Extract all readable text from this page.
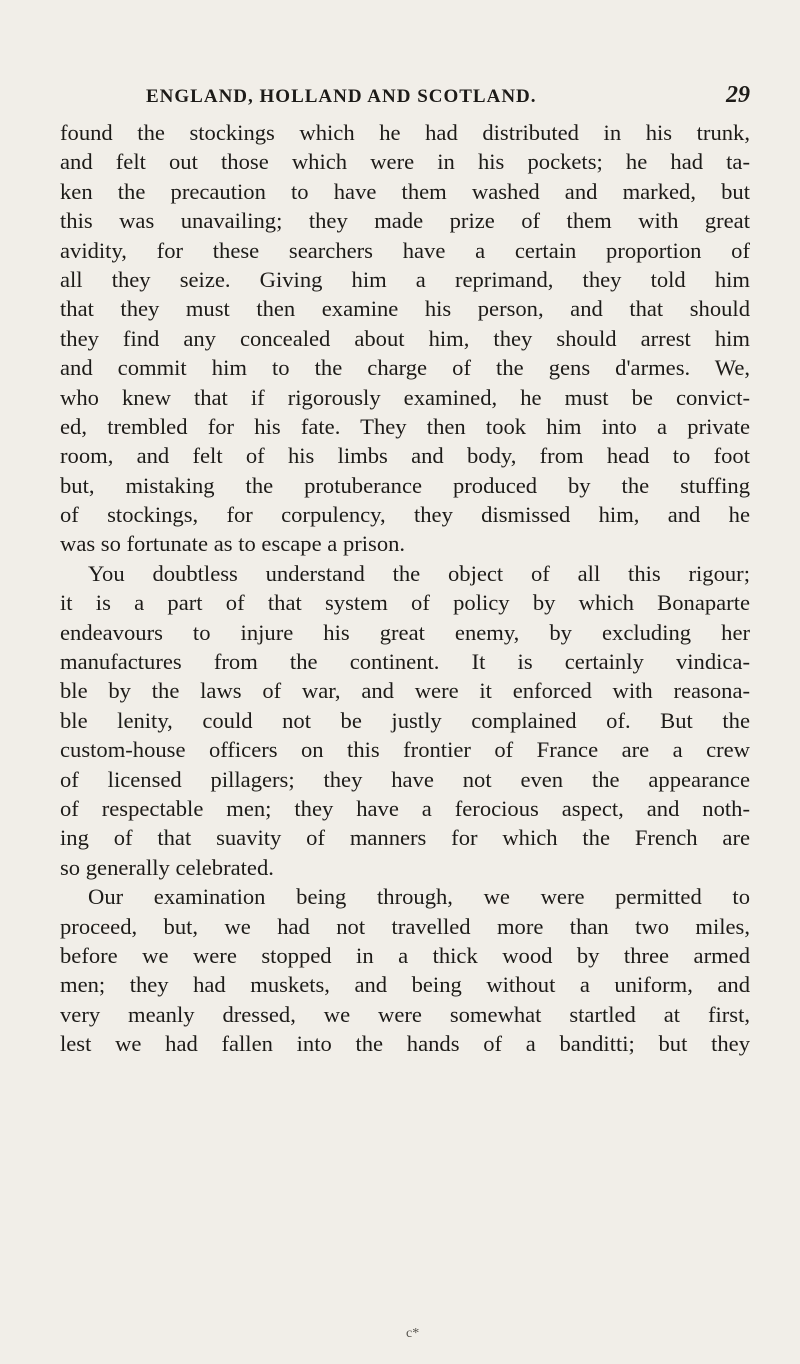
ENGLAND, HOLLAND AND SCOTLAND.	29
found the stockings which he had distributed in his trunk,
and felt out those which were in his pockets; he had ta-
ken the precaution to have them washed and marked, but
this was unavailing; they made prize of them with great
avidity, for these searchers have a certain proportion of
all they seize. Giving him a reprimand, they told him
that they must then examine his person, and that should
they find any concealed about him, they should arrest him
and commit him to the charge of the gens d'armes. We,
who knew that if rigorously examined, he must be convict-
ed, trembled for his fate. They then took him into a private
room, and felt of his limbs and body, from head to foot
but, mistaking the protuberance produced by the stuffing
of stockings, for corpulency, they dismissed him, and he
was so fortunate as to escape a prison.
You doubtless understand the object of all this rigour;
it is a part of that system of policy by which Bonaparte
endeavours to injure his great enemy, by excluding her
manufactures from the continent. It is certainly vindica-
ble by the laws of war, and were it enforced with reasona-
ble lenity, could not be justly complained of. But the
custom-house officers on this frontier of France are a crew
of licensed pillagers; they have not even the appearance
of respectable men; they have a ferocious aspect, and noth-
ing of that suavity of manners for which the French are
so generally celebrated.
Our examination being through, we were permitted to
proceed, but, we had not travelled more than two miles,
before we were stopped in a thick wood by three armed
men; they had muskets, and being without a uniform, and
very meanly dressed, we were somewhat startled at first,
lest we had fallen into the hands of a banditti; but they
c*
